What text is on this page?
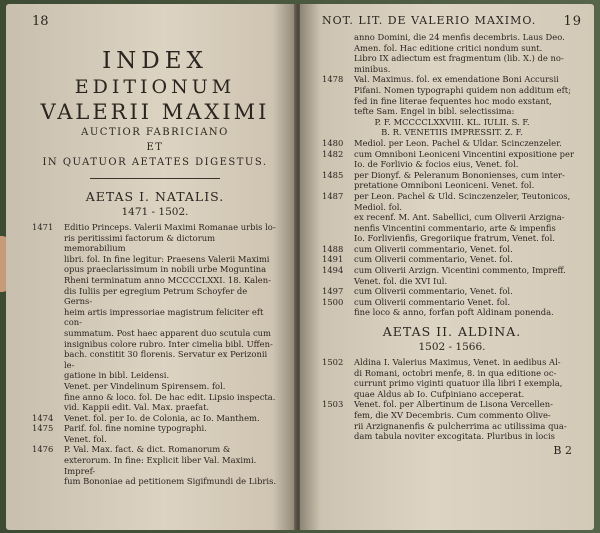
18
INDEX
EDITIONUM
VALERII MAXIMI
AUCTIOR FABRICIANO
ET
IN QUATUOR AETATES DIGESTUS.
AETAS I. NATALIS.
1471 - 1502.
1471	Editio Princeps. Valerii Maximi Romanae urbis lo-
ris peritissimi factorum & dictorum memorabilium
libri. fol. In fine legitur: Praesens Valerii Maximi
opus praeclarissimum in nobili urbe Moguntina
Rheni terminatum anno MCCCCLXXI. 18. Kalen-
dis Iuliis per egregium Petrum Schoyfer de Gerns-
heim artis impressoriae magistrum feliciter eft con-
summatum. Post haec apparent duo scutula cum
insignibus colore rubro. Inter cimelia bibl. Uffen-
bach. constitit 30 florenis. Servatur ex Perizonii le-
gatione in bibl. Leidensi.
Venet. per Vindelinum Spirensem. fol.
fine anno & loco. fol. De hac edit. Lipsio inspecta.
vid. Kappii edit. Val. Max. praefat.
1474	Venet. fol. per Io. de Colonia, ac Io. Manthem.
1475	Parif. fol. fine nomine typographi.
Venet. fol.
1476	P. Val. Max. fact. & dict. Romanorum & exterorum. In fine: Explicit liber Val. Maximi. Impref-
fum Bononiae ad petitionem Sigifmundi de Libris.
NOT. LIT. DE VALERIO MAXIMO. 19
anno Domini, die 24 menfis decembris. Laus Deo.
Amen. fol. Hac editione critici nondum sunt.
Libro IX adiectum est fragmentum (lib. X.) de no-
minibus.
1478	Val. Maximus. fol. ex emendatione Boni Accursii
Pifani. Nomen typographi quidem non additum eft;
fed in fine literae fequentes hoc modo exstant,
tefte Sam. Engel in bibl. selectissima:
P. F. MCCCCLXXVIII. KL. IULII. S. F.
B. R. VENETIIS IMPRESSIT. Z. F.
1480	Mediol. per Leon. Pachel & Uldar. Scinczenzeler.
1482	cum Omniboni Leoniceni Vincentini expositione per
Io. de Forlivio & focios eius, Venet. fol.
1485	per Dionyf. & Peleranum Bononienses, cum inter-
pretatione Omniboni Leoniceni. Venet. fol.
1487	per Leon. Pachel & Uld. Scinczenzeler, Teutonicos,
Mediol. fol.
ex recenf. M. Ant. Sabellici, cum Oliverii Arzigna-
nenfis Vincentini commentario, arte & impenfis
Io. Forlivienfis, Gregoriique fratrum, Venet. fol.
1488	cum Oliverii commentario, Venet. fol.
1491	cum Oliverii commentario, Venet. fol.
1494	cum Oliverii Arzign. Vicentini commento, Impreff.
Venet. fol. die XVI Iul.
1497	cum Oliverii commentario, Venet. fol.
1500	cum Oliverii commentario Venet. fol.
fine loco & anno, forfan poft Aldinam ponenda.
AETAS II. ALDINA.
1502 - 1566.
1502	Aldina I. Valerius Maximus, Venet. in aedibus Al-
di Romani, octobri menfe, 8. in qua editione oc-
currunt primo viginti quatuor illa libri I exempla,
quae Aldus ab Io. Cufpiniano acceperat.
1503	Venet. fol. per Albertinum de Lisona Vercellen-
fem, die XV Decembris. Cum commento Olive-
rii Arzignanenfis & pulcherrima ac utilissima qua-
dam tabula noviter excogitata. Pluribus in locis
B 2
